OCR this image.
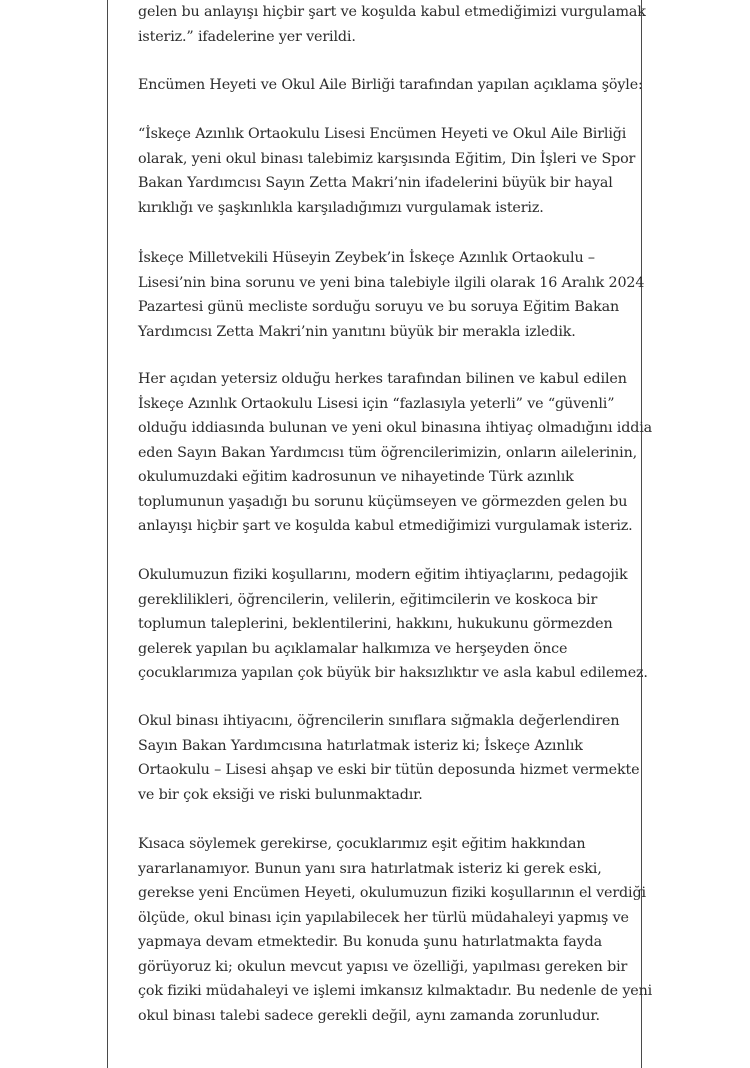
gelen bu anlayışı hiçbir şart ve koşulda kabul etmediğimizi vurgulamak
isteriz.” ifadelerine yer verildi.
Encümen Heyeti ve Okul Aile Birliği tarafından yapılan açıklama şöyle:
“İskeçe Azınlık Ortaokulu Lisesi Encümen Heyeti ve Okul Aile Birliği
olarak, yeni okul binası talebimiz karşısında Eğitim, Din İşleri ve Spor
Bakan Yardımcısı Sayın Zetta Makri’nin ifadelerini büyük bir hayal
kırıklığı ve şaşkınlıkla karşıladığımızı vurgulamak isteriz.
İskeçe Milletvekili Hüseyin Zeybek’in İskeçe Azınlık Ortaokulu –
Lisesi’nin bina sorunu ve yeni bina talebiyle ilgili olarak 16 Aralık 2024
Pazartesi günü mecliste sorduğu soruyu ve bu soruya Eğitim Bakan
Yardımcısı Zetta Makri’nin yanıtını büyük bir merakla izledik.
Her açıdan yetersiz olduğu herkes tarafından bilinen ve kabul edilen
İskeçe Azınlık Ortaokulu Lisesi için “fazlasıyla yeterli” ve “güvenli”
olduğu iddiasında bulunan ve yeni okul binasına ihtiyaç olmadığını iddia
eden Sayın Bakan Yardımcısı tüm öğrencilerimizin, onların ailelerinin,
okulumuzdaki eğitim kadrosunun ve nihayetinde Türk azınlık
toplumunun yaşadığı bu sorunu küçümseyen ve görmezden gelen bu
anlayışı hiçbir şart ve koşulda kabul etmediğimizi vurgulamak isteriz.
Okulumuzun fiziki koşullarını, modern eğitim ihtiyaçlarını, pedagojik
gereklilikleri, öğrencilerin, velilerin, eğitimcilerin ve koskoca bir
toplumun taleplerini, beklentilerini, hakkını, hukukunu görmezden
gelerek yapılan bu açıklamalar halkımıza ve herşeyden önce
çocuklarımıza yapılan çok büyük bir haksızlıktır ve asla kabul edilemez.
Okul binası ihtiyacını, öğrencilerin sınıflara sığmakla değerlendiren
Sayın Bakan Yardımcısına hatırlatmak isteriz ki; İskeçe Azınlık
Ortaokulu – Lisesi ahşap ve eski bir tütün deposunda hizmet vermekte
ve bir çok eksiği ve riski bulunmaktadır.
Kısaca söylemek gerekirse, çocuklarımız eşit eğitim hakkından
yararlanamıyor. Bunun yanı sıra hatırlatmak isteriz ki gerek eski,
gerekse yeni Encümen Heyeti, okulumuzun fiziki koşullarının el verdiği
ölçüde, okul binası için yapılabilecek her türlü müdahaleyi yapmış ve
yapmaya devam etmektedir. Bu konuda şunu hatırlatmakta fayda
görüyoruz ki; okulun mevcut yapısı ve özelliği, yapılması gereken bir
çok fiziki müdahaleyi ve işlemi imkansız kılmaktadır. Bu nedenle de yeni
okul binası talebi sadece gerekli değil, aynı zamanda zorunludur.
